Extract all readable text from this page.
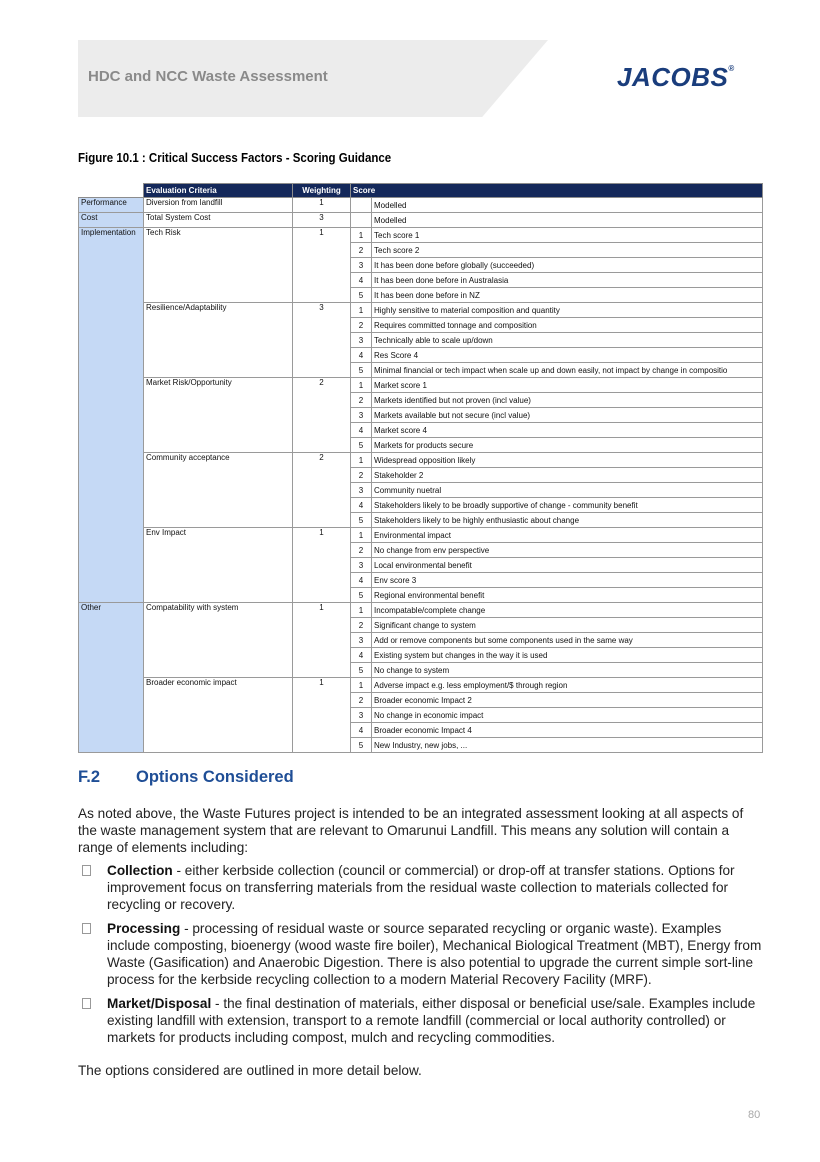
HDC and NCC Waste Assessment	JACOBS®
Figure 10.1 : Critical Success Factors - Scoring Guidance
	Evaluation Criteria	Weighting	Score	
Performance	Diversion from landfill	1		Modelled
Cost	Total System Cost	3		Modelled
Implementation	Tech Risk	1	1	Tech score 1
			2	Tech score 2
			3	It has been done before globally (succeeded)
			4	It has been done before in Australasia
			5	It has been done before in NZ
	Resilience/Adaptability	3	1	Highly sensitive to material composition and quantity
			2	Requires committed tonnage and composition
			3	Technically able to scale up/down
			4	Res Score 4
			5	Minimal financial or tech impact when scale up and down easily, not impact by change in compositio
	Market Risk/Opportunity	2	1	Market score 1
			2	Markets identified but not proven (incl value)
			3	Markets available but not secure (incl value)
			4	Market score 4
			5	Markets for products secure
	Community acceptance	2	1	Widespread opposition likely
			2	Stakeholder 2
			3	Community nuetral
			4	Stakeholders likely to be broadly supportive of change - community benefit
			5	Stakeholders likely to be highly enthusiastic about change
	Env Impact	1	1	Environmental impact
			2	No change from env perspective
			3	Local environmental benefit
			4	Env score 3
			5	Regional environmental benefit
Other	Compatability with system	1	1	Incompatable/complete change
			2	Significant change to system
			3	Add or remove components but some components used in the same way
			4	Existing system but changes in the way it is used
			5	No change to system
	Broader economic impact	1	1	Adverse impact e.g. less employment/$ through region
			2	Broader economic Impact 2
			3	No change in economic impact
			4	Broader economic Impact 4
			5	New Industry, new jobs, ...
F.2 Options Considered
As noted above, the Waste Futures project is intended to be an integrated assessment looking at all aspects of the waste management system that are relevant to Omarunui Landfill. This means any solution will contain a range of elements including:
Collection - either kerbside collection (council or commercial) or drop-off at transfer stations. Options for improvement focus on transferring materials from the residual waste collection to materials collected for recycling or recovery.
Processing - processing of residual waste or source separated recycling or organic waste). Examples include composting, bioenergy (wood waste fire boiler), Mechanical Biological Treatment (MBT), Energy from Waste (Gasification) and Anaerobic Digestion. There is also potential to upgrade the current simple sort-line process for the kerbside recycling collection to a modern Material Recovery Facility (MRF).
Market/Disposal - the final destination of materials, either disposal or beneficial use/sale. Examples include existing landfill with extension, transport to a remote landfill (commercial or local authority controlled) or markets for products including compost, mulch and recycling commodities.
The options considered are outlined in more detail below.
80
